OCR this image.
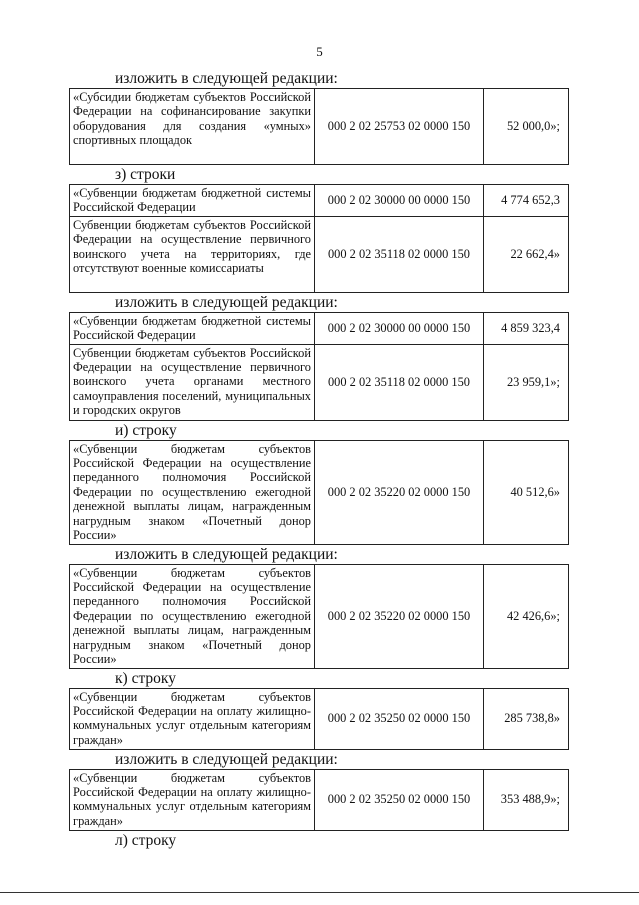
5
изложить в следующей редакции:
«Субсидии бюджетам субъектов Российской Федерации на софинансирование закупки оборудования для создания «умных» спортивных площадок	000 2 02 25753 02 0000 150	52 000,0»;
з) строки
«Субвенции бюджетам бюджетной системы Российской Федерации	000 2 02 30000 00 0000 150	4 774 652,3
Субвенции бюджетам субъектов Российской Федерации на осуществление первичного воинского учета на территориях, где отсутствуют военные комиссариаты	000 2 02 35118 02 0000 150	22 662,4»
изложить в следующей редакции:
«Субвенции бюджетам бюджетной системы Российской Федерации	000 2 02 30000 00 0000 150	4 859 323,4
Субвенции бюджетам субъектов Российской Федерации на осуществление первичного воинского учета органами местного самоуправления поселений, муниципальных и городских округов	000 2 02 35118 02 0000 150	23 959,1»;
и) строку
«Субвенции бюджетам субъектов Российской Федерации на осуществление переданного полномочия Российской Федерации по осуществлению ежегодной денежной выплаты лицам, награжденным нагрудным знаком «Почетный донор России»	000 2 02 35220 02 0000 150	40 512,6»
изложить в следующей редакции:
«Субвенции бюджетам субъектов Российской Федерации на осуществление переданного полномочия Российской Федерации по осуществлению ежегодной денежной выплаты лицам, награжденным нагрудным знаком «Почетный донор России»	000 2 02 35220 02 0000 150	42 426,6»;
к) строку
«Субвенции бюджетам субъектов Российской Федерации на оплату жилищно-коммунальных услуг отдельным категориям граждан»	000 2 02 35250 02 0000 150	285 738,8»
изложить в следующей редакции:
«Субвенции бюджетам субъектов Российской Федерации на оплату жилищно-коммунальных услуг отдельным категориям граждан»	000 2 02 35250 02 0000 150	353 488,9»;
л) строку
